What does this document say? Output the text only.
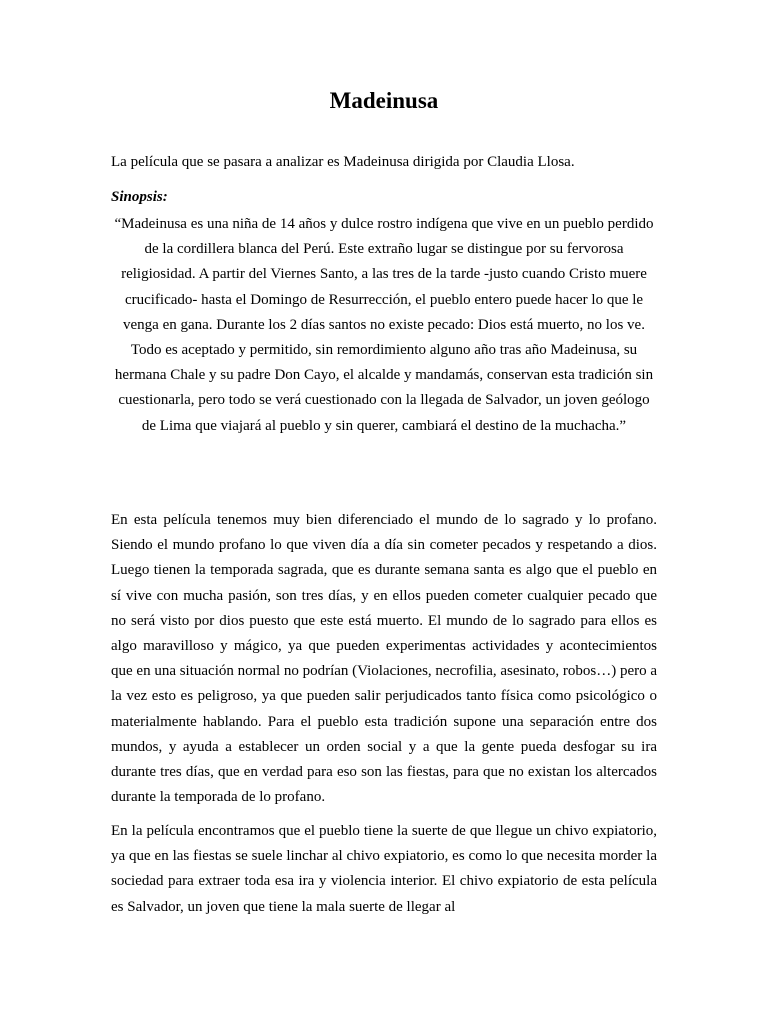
Madeinusa

La película que se pasara a analizar es Madeinusa dirigida por Claudia Llosa.

Sinopsis:

“Madeinusa es una niña de 14 años y dulce rostro indígena que vive en un pueblo perdido de la cordillera blanca del Perú. Este extraño lugar se distingue por su fervorosa religiosidad. A partir del Viernes Santo, a las tres de la tarde -justo cuando Cristo muere crucificado- hasta el Domingo de Resurrección, el pueblo entero puede hacer lo que le venga en gana. Durante los 2 días santos no existe pecado: Dios está muerto, no los ve. Todo es aceptado y permitido, sin remordimiento alguno año tras año Madeinusa, su hermana Chale y su padre Don Cayo, el alcalde y mandamás, conservan esta tradición sin cuestionarla, pero todo se verá cuestionado con la llegada de Salvador, un joven geólogo de Lima que viajará al pueblo y sin querer, cambiará el destino de la muchacha.”

En esta película tenemos muy bien diferenciado el mundo de lo sagrado y lo profano. Siendo el mundo profano lo que viven día a día sin cometer pecados y respetando a dios. Luego tienen la temporada sagrada, que es durante semana santa es algo que el pueblo en sí vive con mucha pasión, son tres días, y en ellos pueden cometer cualquier pecado que no será visto por dios puesto que este está muerto. El mundo de lo sagrado para ellos es algo maravilloso y mágico, ya que pueden experimentas actividades y acontecimientos que en una situación normal no podrían (Violaciones, necrofilia, asesinato, robos…) pero a la vez esto es peligroso, ya que pueden salir perjudicados tanto física como psicológico o materialmente hablando. Para el pueblo esta tradición supone una separación entre dos mundos, y ayuda a establecer un orden social y a que la gente pueda desfogar su ira durante tres días, que en verdad para eso son las fiestas, para que no existan los altercados durante la temporada de lo profano.

En la película encontramos que el pueblo tiene la suerte de que llegue un chivo expiatorio, ya que en las fiestas se suele linchar al chivo expiatorio, es como lo que necesita morder la sociedad para extraer toda esa ira y violencia interior. El chivo expiatorio de esta película es Salvador, un joven que tiene la mala suerte de llegar al
